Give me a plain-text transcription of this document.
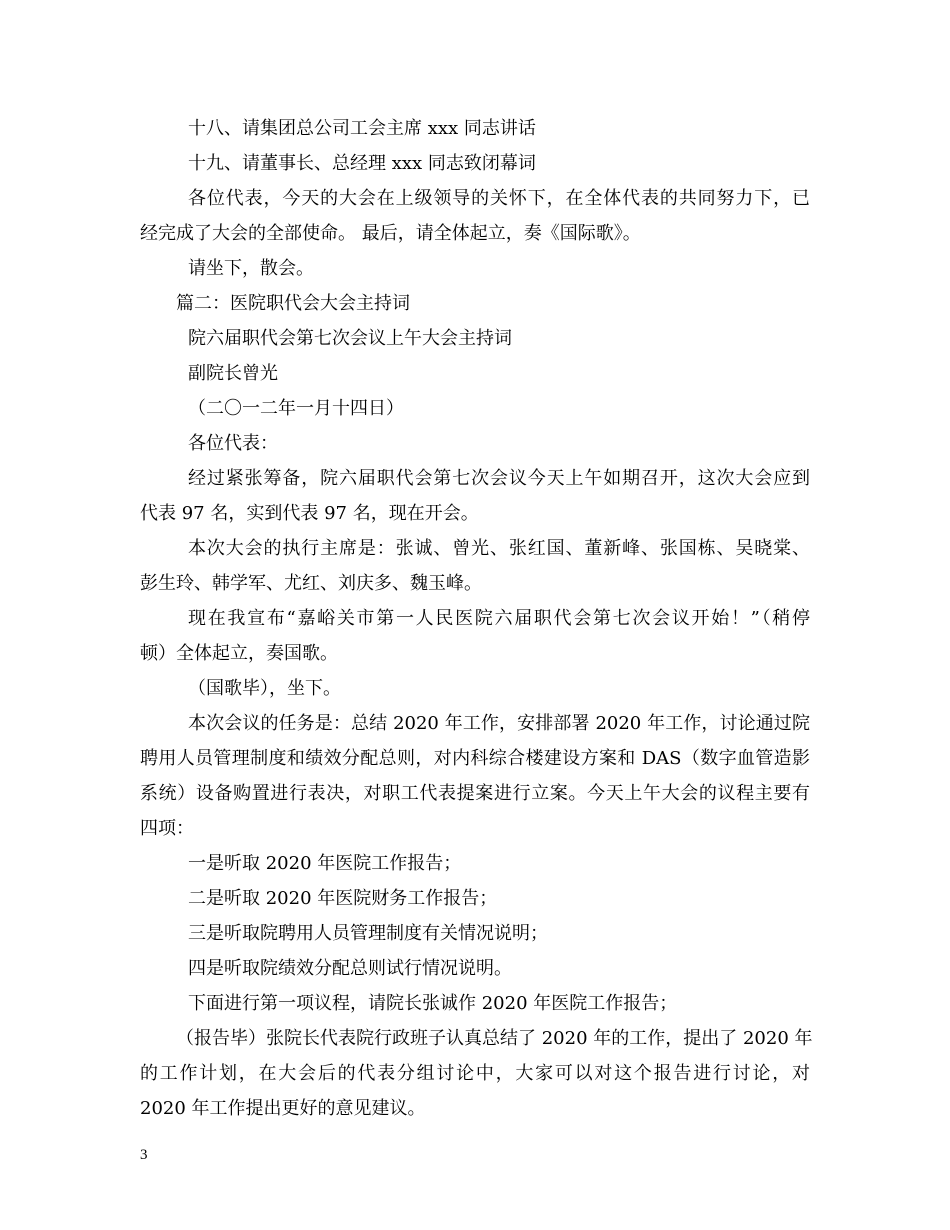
十八、请集团总公司工会主席 xxx 同志讲话
十九、请董事长、总经理 xxx 同志致闭幕词
各位代表，今天的大会在上级领导的关怀下，在全体代表的共同努力下，已
经完成了大会的全部使命。 最后，请全体起立，奏《国际歌》。
请坐下，散会。
篇二：医院职代会大会主持词
院六届职代会第七次会议上午大会主持词
副院长曾光
（二〇一二年一月十四日）
各位代表：
经过紧张筹备，院六届职代会第七次会议今天上午如期召开，这次大会应到
代表 97 名，实到代表 97 名，现在开会。
本次大会的执行主席是：张诚、曾光、张红国、董新峰、张国栋、吴晓棠、
彭生玲、韩学军、尤红、刘庆多、魏玉峰。
现在我宣布“嘉峪关市第一人民医院六届职代会第七次会议开始！”（稍停
顿）全体起立，奏国歌。
（国歌毕），坐下。
本次会议的任务是：总结 2020 年工作，安排部署 2020 年工作，讨论通过院
聘用人员管理制度和绩效分配总则，对内科综合楼建设方案和 DAS（数字血管造影
系统）设备购置进行表决，对职工代表提案进行立案。今天上午大会的议程主要有
四项：
一是听取 2020 年医院工作报告；
二是听取 2020 年医院财务工作报告；
三是听取院聘用人员管理制度有关情况说明；
四是听取院绩效分配总则试行情况说明。
下面进行第一项议程，请院长张诚作 2020 年医院工作报告；
（报告毕）张院长代表院行政班子认真总结了 2020 年的工作，提出了 2020 年
的工作计划，在大会后的代表分组讨论中，大家可以对这个报告进行讨论，对
2020 年工作提出更好的意见建议。
3
